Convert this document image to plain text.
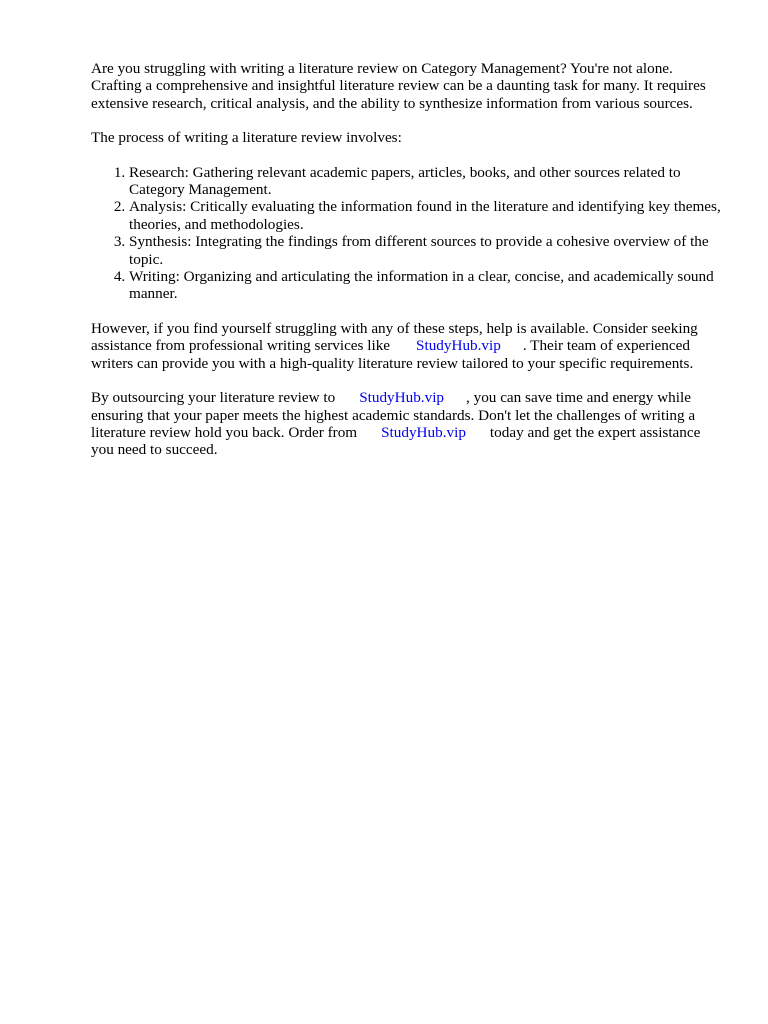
Are you struggling with writing a literature review on Category Management? You're not alone. Crafting a comprehensive and insightful literature review can be a daunting task for many. It requires extensive research, critical analysis, and the ability to synthesize information from various sources.

The process of writing a literature review involves:

1. Research: Gathering relevant academic papers, articles, books, and other sources related to Category Management.
2. Analysis: Critically evaluating the information found in the literature and identifying key themes, theories, and methodologies.
3. Synthesis: Integrating the findings from different sources to provide a cohesive overview of the topic.
4. Writing: Organizing and articulating the information in a clear, concise, and academically sound manner.

However, if you find yourself struggling with any of these steps, help is available. Consider seeking assistance from professional writing services like StudyHub.vip . Their team of experienced writers can provide you with a high-quality literature review tailored to your specific requirements.

By outsourcing your literature review to StudyHub.vip , you can save time and energy while ensuring that your paper meets the highest academic standards. Don't let the challenges of writing a literature review hold you back. Order from StudyHub.vip today and get the expert assistance you need to succeed.
